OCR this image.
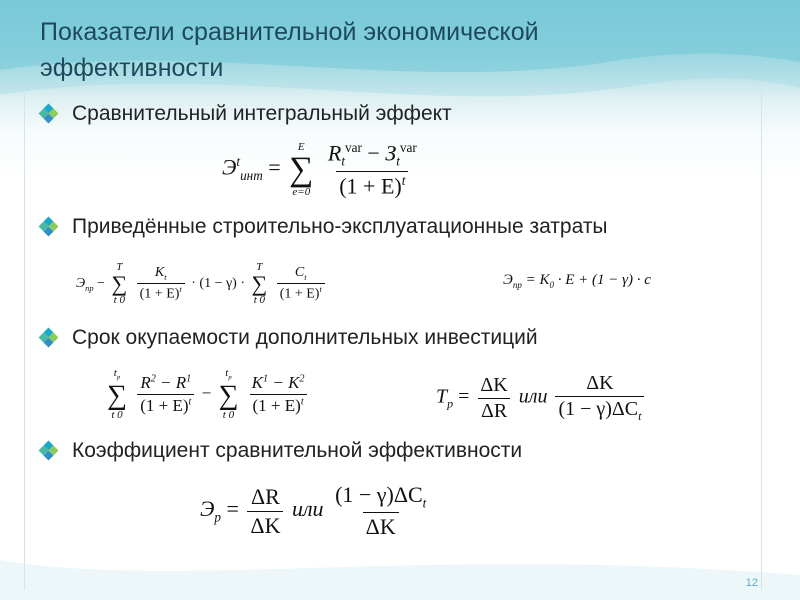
Показатели сравнительной экономической
эффективности
Сравнительный интегральный эффект
$Э^t_{инт}$ =
E
∑
e=0
$\frac{R_t^{var} - З_t^{var}}{(1 + E)^t}$
Приведённые строительно-эксплуатационные затраты
$Э_{пр}$ −
T
∑
t 0
$\frac{K_t}{(1 + E)^t} \cdot (1 - \gamma)$ ·
T
∑
t 0
$\frac{C_t}{(1 + E)^t}$	$Э_{пр} = K_0 \cdot E + (1 - \gamma) \cdot c$
Срок окупаемости дополнительных инвестиций
$t_p$
∑
t 0
$\frac{R^2 - R^1}{(1 + E)^t}$ −
$t_p$
∑
t 0
$\frac{K^1 - K^2}{(1 + E)^t}$	$T_p = \frac{\Delta K}{\Delta R}$ или $\frac{\Delta K}{(1 - \gamma)\Delta C_t}$
Коэффициент сравнительной эффективности
$Э_р = \frac{\Delta R}{\Delta K}$ или $\frac{(1 - \gamma)\Delta C_t}{\Delta K}$
12
